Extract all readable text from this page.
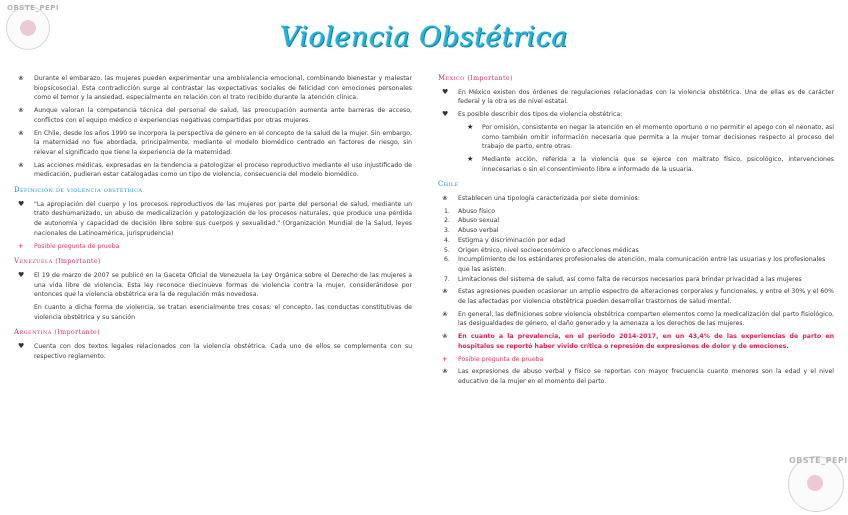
OBSTE_PEPI
Violencia Obstétrica
❀ Durante el embarazo, las mujeres pueden experimentar una ambivalencia emocional, combinando bienestar y malestar biopsicosocial. Esta contradicción surge al contrastar las expectativas sociales de felicidad con emociones personales como el temor y la ansiedad, especialmente en relación con el trato recibido durante la atención clínica.
❀ Aunque valoran la competencia técnica del personal de salud, las preocupación aumenta ante barreras de acceso, conflictos con el equipo médico o experiencias negativas compartidas por otras mujeres.
❀ En Chile, desde los años 1990 se incorpora la perspectiva de género en el concepto de la salud de la mujer. Sin embargo, la maternidad no fue abordada, principalmente, mediante el modelo biomédico centrado en factores de riesgo, sin relevar el significado que tiene la experiencia de la maternidad.
❀ Las acciones médicas, expresadas en la tendencia a patologizar el proceso reproductivo mediante el uso injustificado de medicación, pudieran estar catalogadas como un tipo de violencia, consecuencia del modelo biomédico.
Definición de violencia obstétrica
♥ "La apropiación del cuerpo y los procesos reproductivos de las mujeres por parte del personal de salud, mediante un trato deshumanizado, un abuso de medicalización y patologización de los procesos naturales, que produce una pérdida de autonomía y capacidad de decisión libre sobre sus cuerpos y sexualidad." (Organización Mundial de la Salud, leyes nacionales de Latinoamérica, jurisprudencia)
+ Posible pregunta de prueba
Venezuela (Importante)
♥ El 19 de marzo de 2007 se publicó en la Gaceta Oficial de Venezuela la Ley Orgánica sobre el Derecho de las mujeres a una vida libre de violencia. Esta ley reconoce diecinueve formas de violencia contra la mujer, considerándose por entonces que la violencia obstétrica era la de regulación más novedosa.
En cuanto a dicha forma de violencia, se tratan esencialmente tres cosas: el concepto, las conductas constitutivas de violencia obstétrica y su sanción
Argentina (Importante)
♥ Cuenta con dos textos legales relacionados con la violencia obstétrica. Cada uno de ellos se complementa con su respectivo reglamento.
México (Importante)
♥ En México existen dos órdenes de regulaciones relacionadas con la violencia obstétrica. Una de ellas es de carácter federal y la otra es de nivel estatal.
♥ Es posible describir dos tipos de violencia obstétrica:
★ Por omisión, consistente en negar la atención en el momento oportuno o no permitir el apego con el neonato, así como también omitir información necesaria que permita a la mujer tomar decisiones respecto al proceso del trabajo de parto, entre otras.
★ Mediante acción, referida a la violencia que se ejerce con maltrato físico, psicológico, intervenciones innecesarias o sin el consentimiento libre e informado de la usuaria.
Chile
❀ Establecen una tipología caracterizada por siete dominios:
1. Abuso físico
2. Abuso sexual
3. Abuso verbal
4. Estigma y discriminación por edad
5. Origen étnico, nivel socioeconómico o afecciones médicas
6. Incumplimiento de los estándares profesionales de atención, mala comunicación entre las usuarias y los profesionales que las asisten.
7. Limitaciones del sistema de salud, así como falta de recursos necesarios para brindar privacidad a las mujeres
❀ Estas agresiones pueden ocasionar un amplio espectro de alteraciones corporales y funcionales, y entre el 30% y el 60% de las afectadas por violencia obstétrica pueden desarrollar trastornos de salud mental.
❀ En general, las definiciones sobre violencia obstétrica comparten elementos como la medicalización del parto fisiológico, las desigualdades de género, el daño generado y la amenaza a los derechos de las mujeres.
❀ En cuanto a la prevalencia, en el periodo 2014-2017, en un 43,4% de las experiencias de parto en hospitales se reportó haber vivido crítica o represión de expresiones de dolor y de emociones.
+ Posible pregunta de prueba
❀ Las expresiones de abuso verbal y físico se reportan con mayor frecuencia cuanto menores son la edad y el nivel educativo de la mujer en el momento del parto.
OBSTE_PEPI
